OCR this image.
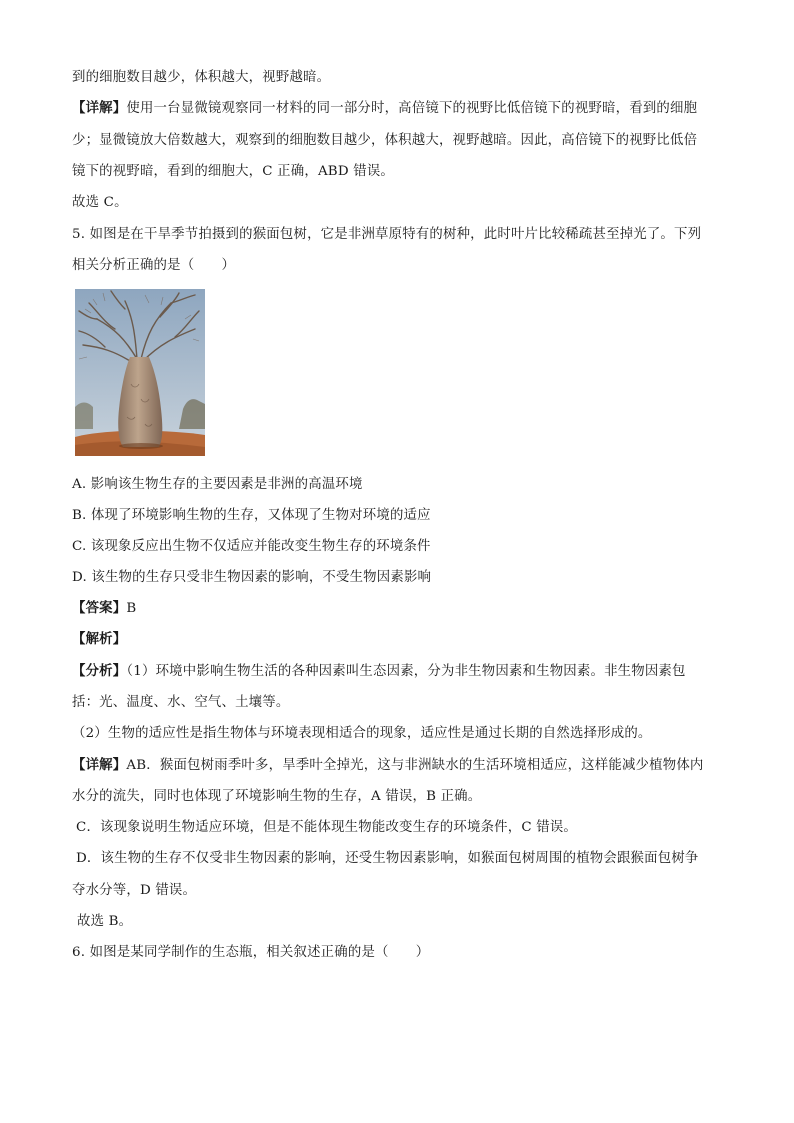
到的细胞数目越少，体积越大，视野越暗。
【详解】使用一台显微镜观察同一材料的同一部分时，高倍镜下的视野比低倍镜下的视野暗，看到的细胞
少；显微镜放大倍数越大，观察到的细胞数目越少，体积越大，视野越暗。因此，高倍镜下的视野比低倍
镜下的视野暗，看到的细胞大，C 正确，ABD 错误。
故选 C。
5. 如图是在干旱季节拍摄到的猴面包树，它是非洲草原特有的树种，此时叶片比较稀疏甚至掉光了。下列
相关分析正确的是（　　）
A. 影响该生物生存的主要因素是非洲的高温环境
B. 体现了环境影响生物的生存，又体现了生物对环境的适应
C. 该现象反应出生物不仅适应并能改变生物生存的环境条件
D. 该生物的生存只受非生物因素的影响，不受生物因素影响
【答案】B
【解析】
【分析】（1）环境中影响生物生活的各种因素叫生态因素，分为非生物因素和生物因素。非生物因素包
括：光、温度、水、空气、土壤等。
（2）生物的适应性是指生物体与环境表现相适合的现象，适应性是通过长期的自然选择形成的。
【详解】AB．猴面包树雨季叶多，旱季叶全掉光，这与非洲缺水的生活环境相适应，这样能减少植物体内
水分的流失，同时也体现了环境影响生物的生存，A 错误，B 正确。
C．该现象说明生物适应环境，但是不能体现生物能改变生存的环境条件，C 错误。
D．该生物的生存不仅受非生物因素的影响，还受生物因素影响，如猴面包树周围的植物会跟猴面包树争
夺水分等，D 错误。
故选 B。
6. 如图是某同学制作的生态瓶，相关叙述正确的是（　　）
